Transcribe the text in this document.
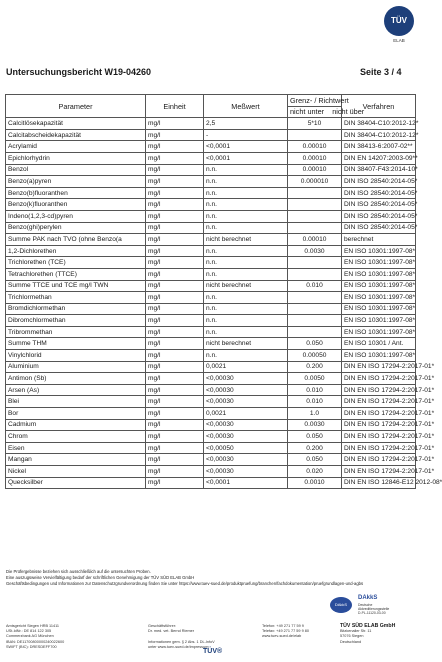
TÜV
ELAB
Untersuchungsbericht W19-04260	Seite 3 / 4
Parameter	Einheit	Meßwert	Grenz- / Richtwert	Verfahren
			nicht unter nicht über	
Calcitlösekapazität	mg/l	2,5	5*10	DIN 38404-C10:2012-12*
Calcitabscheidekapazität	mg/l	-		DIN 38404-C10:2012-12*
Acrylamid	mg/l	<0,0001	0.00010	DIN 38413-6:2007-02**
Epichlorhydrin	mg/l	<0,0001	0.00010	DIN EN 14207:2003-09**
Benzol	mg/l	n.n.	0.00010	DIN 38407-F43:2014-10*
Benzo(a)pyren	mg/l	n.n.	0.000010	DIN ISO 28540:2014-05*
Benzo(b)fluoranthen	mg/l	n.n.		DIN ISO 28540:2014-05*
Benzo(k)fluoranthen	mg/l	n.n.		DIN ISO 28540:2014-05*
Indeno(1,2,3-cd)pyren	mg/l	n.n.		DIN ISO 28540:2014-05*
Benzo(ghi)perylen	mg/l	n.n.		DIN ISO 28540:2014-05*
Summe PAK nach TVO (ohne Benzo(a	mg/l	nicht berechnet	0.00010	berechnet
1,2-Dichlorethen	mg/l	n.n.	0.0030	EN ISO 10301:1997-08*
Trichlorethen (TCE)	mg/l	n.n.		EN ISO 10301:1997-08*
Tetrachlorethen (TTCE)	mg/l	n.n.		EN ISO 10301:1997-08*
Summe TTCE und TCE mg/l TWN	mg/l	nicht berechnet	0.010	EN ISO 10301:1997-08*
Trichlormethan	mg/l	n.n.		EN ISO 10301:1997-08*
Bromdichlormethan	mg/l	n.n.		EN ISO 10301:1997-08*
Dibromchlormethan	mg/l	n.n.		EN ISO 10301:1997-08*
Tribrommethan	mg/l	n.n.		EN ISO 10301:1997-08*
Summe THM	mg/l	nicht berechnet	0.050	EN ISO 10301 / Ant.
Vinylchlorid	mg/l	n.n.	0.00050	EN ISO 10301:1997-08*
Aluminium	mg/l	0,0021	0.200	DIN EN ISO 17294-2:2017-01*
Antimon (Sb)	mg/l	<0,00030	0.0050	DIN EN ISO 17294-2:2017-01*
Arsen (As)	mg/l	<0,00030	0.010	DIN EN ISO 17294-2:2017-01*
Blei	mg/l	<0,00030	0.010	DIN EN ISO 17294-2:2017-01*
Bor	mg/l	0,0021	1.0	DIN EN ISO 17294-2:2017-01*
Cadmium	mg/l	<0,00030	0.0030	DIN EN ISO 17294-2:2017-01*
Chrom	mg/l	<0,00030	0.050	DIN EN ISO 17294-2:2017-01*
Eisen	mg/l	<0,00050	0.200	DIN EN ISO 17294-2:2017-01*
Mangan	mg/l	<0,00030	0.050	DIN EN ISO 17294-2:2017-01*
Nickel	mg/l	<0,00030	0.020	DIN EN ISO 17294-2:2017-01*
Quecksilber	mg/l	<0,0001	0.0010	DIN EN ISO 12846-E12 2012-08*
Die Prüfergebnisse beziehen sich ausschließlich auf die untersuchten Proben.
Eine auszugsweise Vervielfältigung bedarf der schriftlichen Genehmigung der TÜV SÜD ELAB GmbH
Geschäftsbedingungen und Informationen zur Datenschutzgrundverordnung finden Sie unter https://www.tuev-sued.de/produktpruefung/branchen/fachdokumentation/pruefgrundlagen-und-agbs
DAkkS
DAkkS
Deutsche
Akkreditierungsstelle
D-PL-11120-03-00
Amtsgericht Siegen HRB 11411
USt-IdNr.: DE 814 122 305
Commerzbank AG München
IBAN: DE11700800000240022600
SWIFT (BIC): DRESDEFF700
Geschäftsführer:
Dr. med. vet. Bernd Riemer

Informationen gem. § 2 Abs. 1 DL-InfoV
unter www.tuev-sued.de/impressum
Telefon: +49 271 77 59 9
Telefax: +49 271 77 59 9 80
www.tuev-sued.de/elab
TÜV SÜD ELAB GmbH
Bitzkenaller Str. 11
57076 Siegen
Deutschland
TÜV®
